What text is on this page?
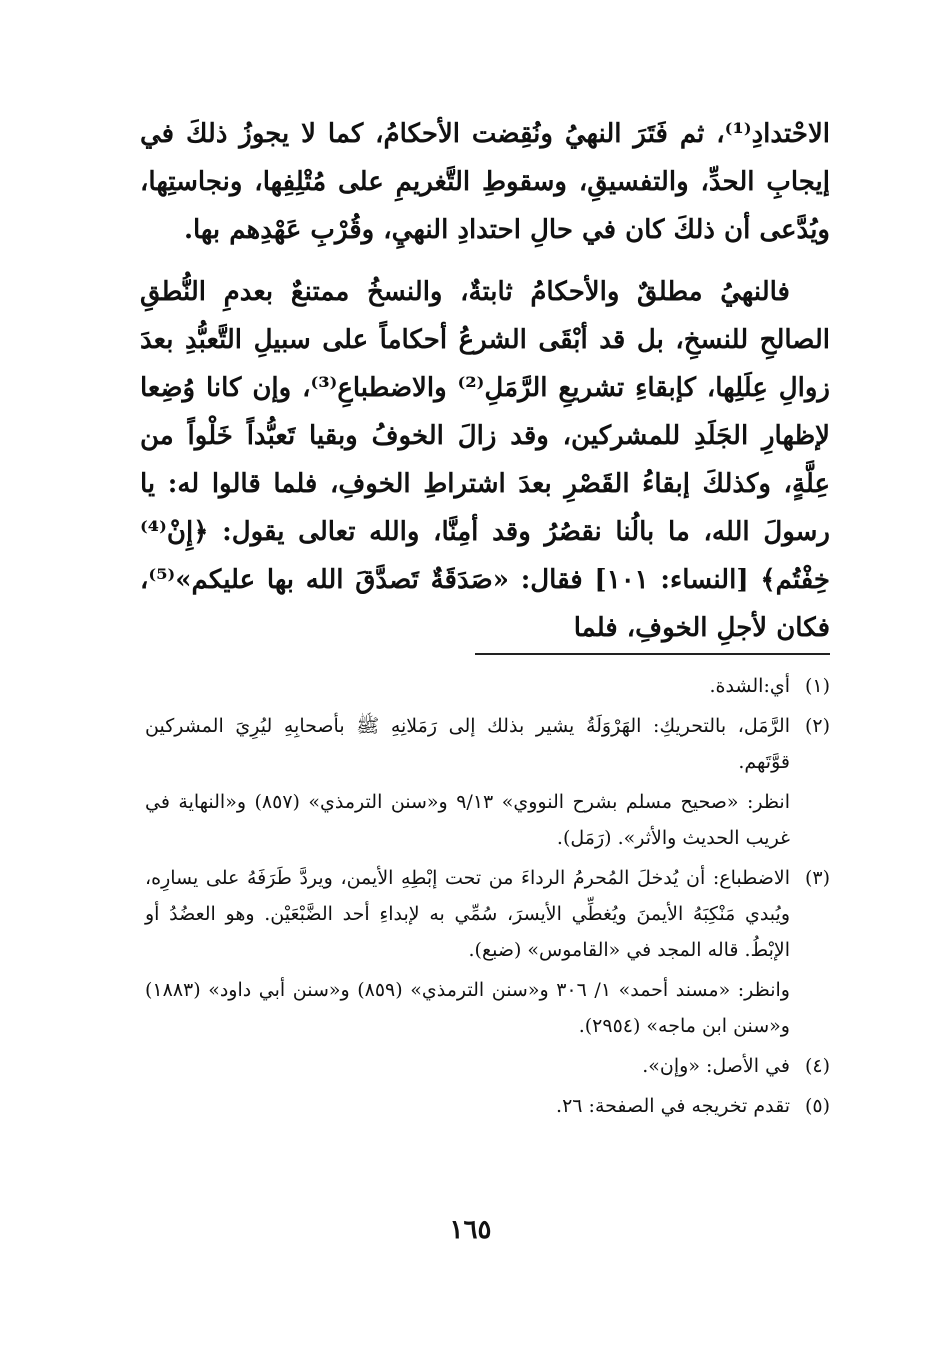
الاحْتدادِ⁽¹⁾، ثم فَتَرَ النهيُ ونُقِضت الأحكامُ، كما لا يجوزُ ذلكَ في إيجابِ الحدِّ، والتفسيقِ، وسقوطِ التَّغريمِ على مُتْلِفِها، ونجاستِها، ويُدَّعى أن ذلكَ كان في حالِ احتدادِ النهيِ، وقُرْبِ عَهْدِهم بها.

فالنهيُ مطلقٌ والأحكامُ ثابتةٌ، والنسخُ ممتنعٌ بعدمِ النُّطقِ الصالحِ للنسخِ، بل قد أبْقَى الشرعُ أحكاماً على سبيلِ التَّعبُّدِ بعدَ زوالِ عِلَلِها، كإبقاءِ تشريعِ الرَّمَلِ⁽²⁾ والاضطباعِ⁽³⁾، وإن كانا وُضِعا لإظهارِ الجَلَدِ للمشركين، وقد زالَ الخوفُ وبقيا تَعبُّداً خَلْواً من عِلَّةٍ، وكذلكَ إبقاءُ القَصْرِ بعدَ اشتراطِ الخوفِ، فلما قالوا له: يا رسولَ الله، ما بالُنا نقصُرُ وقد أمِنَّا، والله تعالى يقول: ﴿إِنْ⁽⁴⁾ خِفْتُم﴾ [النساء: ١٠١] فقال: «صَدَقَةٌ تَصدَّقَ الله بها عليكم»⁽⁵⁾، فكان لأجلِ الخوفِ، فلما

(١)
أي:الشدة.
(٢)
الرَّمَل، بالتحريكِ: الهَرْوَلَةُ يشير بذلك إلى رَمَلانِهِ ﷺ بأصحابِهِ ليُرِيَ المشركين قوَّتَهم.
انظر: «صحيح مسلم بشرح النووي» ٩/١٣ و«سنن الترمذي» (٨٥٧) و«النهاية في غريب الحديث والأثر». (رَمَل).
(٣)
الاضطباع: أن يُدخلَ المُحرمُ الرداءَ من تحت إبْطِهِ الأيمن، ويردَّ طَرَفَهُ على يسارِه، ويُبدي مَنْكِبَهُ الأيمنَ ويُغطِّي الأيسرَ، سُمِّي به لإبداءِ أحد الضَّبْعَيْن. وهو العضُدُ أو الإبْطُ. قاله المجد في «القاموس» (ضبع).
وانظر: «مسند أحمد» ١/ ٣٠٦ و«سنن الترمذي» (٨٥٩) و«سنن أبي داود» (١٨٨٣) و«سنن ابن ماجه» (٢٩٥٤).
(٤)
في الأصل: «وإن».
(٥)
تقدم تخريجه في الصفحة: ٢٦.
١٦٥
